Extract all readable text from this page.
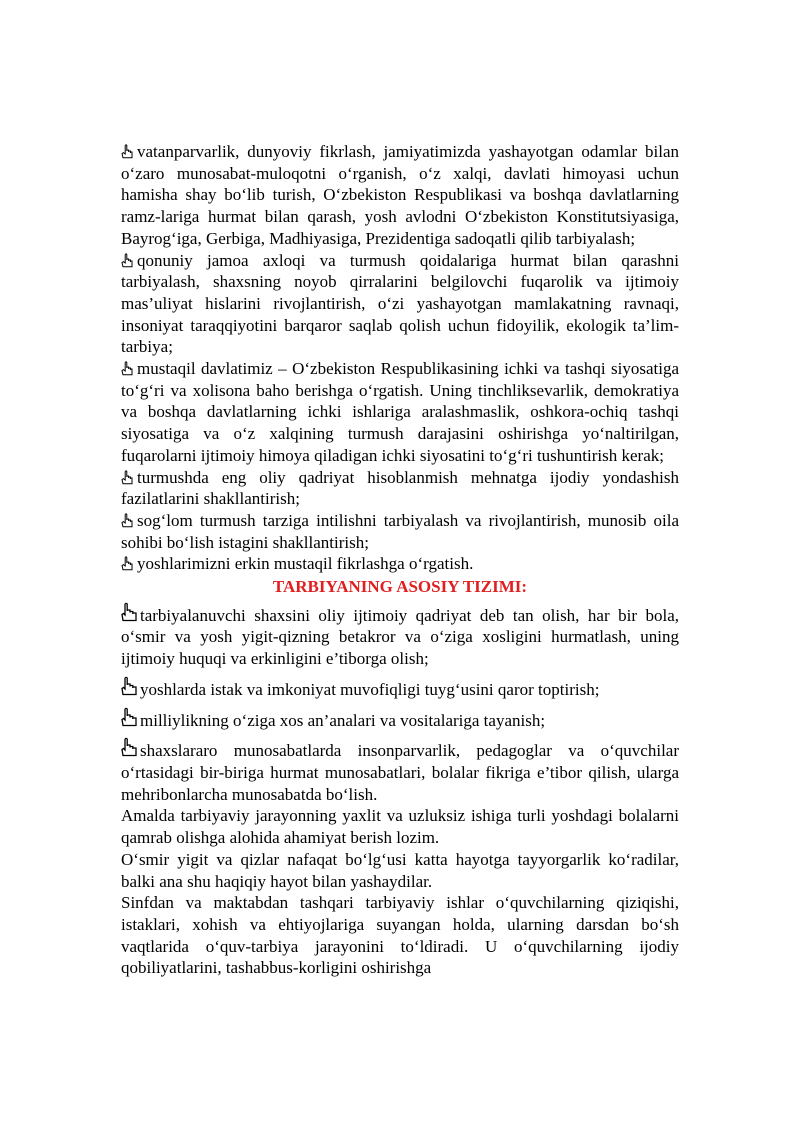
vatanparvarlik, dunyoviy fikrlash, jamiyatimizda yashayotgan odamlar bilan o‘zaro munosabat-muloqotni o‘rganish, o‘z xalqi, davlati himoyasi uchun hamisha shay bo‘lib turish, O‘zbekiston Respublikasi va boshqa davlatlarning ramz-lariga hurmat bilan qarash, yosh avlodni O‘zbekiston Konstitutsiyasiga, Bayrog‘iga, Gerbiga, Madhiyasiga, Prezidentiga sadoqatli qilib tarbiyalash;

qonuniy jamoa axloqi va turmush qoidalariga hurmat bilan qarashni tarbiyalash, shaxsning noyob qirralarini belgilovchi fuqarolik va ijtimoiy mas’uliyat hislarini rivojlantirish, o‘zi yashayotgan mamlakatning ravnaqi, insoniyat taraqqiyotini barqaror saqlab qolish uchun fidoyilik, ekologik ta’lim-tarbiya;

mustaqil davlatimiz – O‘zbekiston Respublikasining ichki va tashqi siyosatiga to‘g‘ri va xolisona baho berishga o‘rgatish. Uning tinchliksevarlik, demokratiya va boshqa davlatlarning ichki ishlariga aralashmaslik, oshkora-ochiq tashqi siyosatiga va o‘z xalqining turmush darajasini oshirishga yo‘naltirilgan, fuqarolarni ijtimoiy himoya qiladigan ichki siyosatini to‘g‘ri tushuntirish kerak;

turmushda eng oliy qadriyat hisoblanmish mehnatga ijodiy yondashish fazilatlarini shakllantirish;

sog‘lom turmush tarziga intilishni tarbiyalash va rivojlantirish, munosib oila sohibi bo‘lish istagini shakllantirish;

yoshlarimizni erkin mustaqil fikrlashga o‘rgatish.

TARBIYANING ASOSIY TIZIMI:

tarbiyalanuvchi shaxsini oliy ijtimoiy qadriyat deb tan olish, har bir bola, o‘smir va yosh yigit-qizning betakror va o‘ziga xosligini hurmatlash, uning ijtimoiy huquqi va erkinligini e’tiborga olish;

yoshlarda istak va imkoniyat muvofiqligi tuyg‘usini qaror toptirish;

milliylikning o‘ziga xos an’analari va vositalariga tayanish;

shaxslararo munosabatlarda insonparvarlik, pedagoglar va o‘quvchilar o‘rtasidagi bir-biriga hurmat munosabatlari, bolalar fikriga e’tibor qilish, ularga mehribonlarcha munosabatda bo‘lish.

Amalda tarbiyaviy jarayonning yaxlit va uzluksiz ishiga turli yoshdagi bolalarni qamrab olishga alohida ahamiyat berish lozim.

O‘smir yigit va qizlar nafaqat bo‘lg‘usi katta hayotga tayyorgarlik ko‘radilar, balki ana shu haqiqiy hayot bilan yashaydilar.

Sinfdan va maktabdan tashqari tarbiyaviy ishlar o‘quvchilarning qiziqishi, istaklari, xohish va ehtiyojlariga suyangan holda, ularning darsdan bo‘sh vaqtlarida o‘quv-tarbiya jarayonini to‘ldiradi. U o‘quvchilarning ijodiy qobiliyatlarini, tashabbus-korligini oshirishga
